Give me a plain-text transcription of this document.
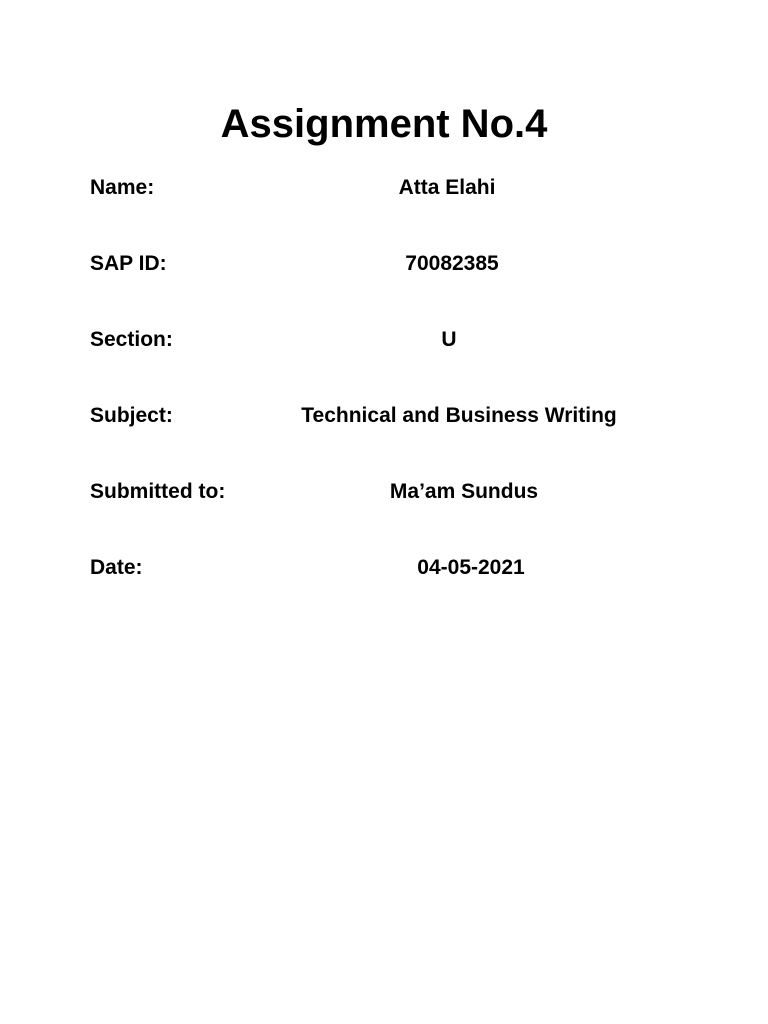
Assignment No.4
Name:	Atta Elahi
SAP ID:	70082385
Section:	U
Subject:	Technical and Business Writing
Submitted to:	Ma’am Sundus
Date:	04-05-2021
